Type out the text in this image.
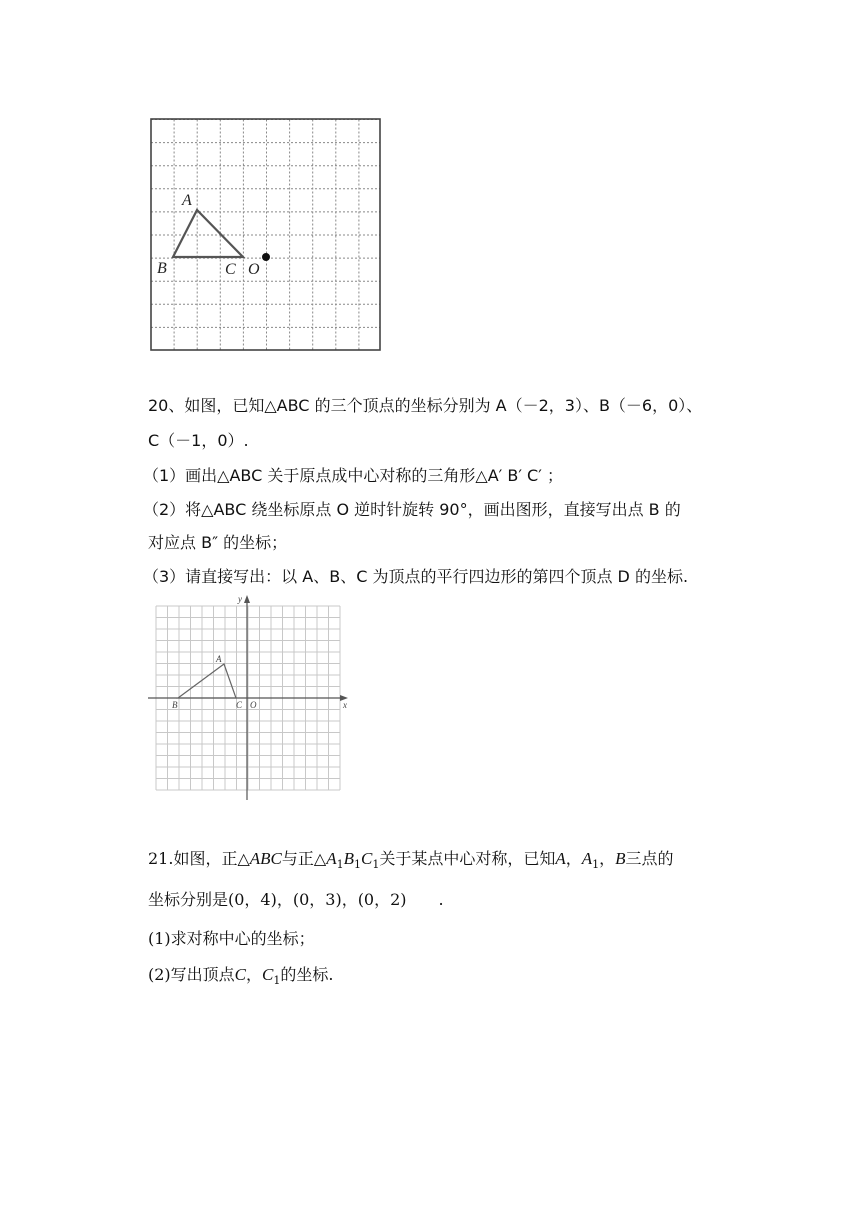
A
B	C O
20、如图，已知△ABC 的三个顶点的坐标分别为 A（－2，3）、B（－6，0）、
C（－1，0）.
（1）画出△ABC 关于原点成中心对称的三角形△A′ B′ C′ ；
（2）将△ABC 绕坐标原点 O 逆时针旋转 90°，画出图形，直接写出点 B 的
对应点 B″ 的坐标；
（3）请直接写出：以 A、B、C 为顶点的平行四边形的第四个顶点 D 的坐标.
x
y
A
B	C O
21.如图，正△ABC与正$\triangle A_1B_1C_1$关于某点中心对称，已知A，$A_1$，B三点的
坐标分别是(0，4)，(0，3)，(0，2) .
(1)求对称中心的坐标；
(2)写出顶点C，$C_1$的坐标.
